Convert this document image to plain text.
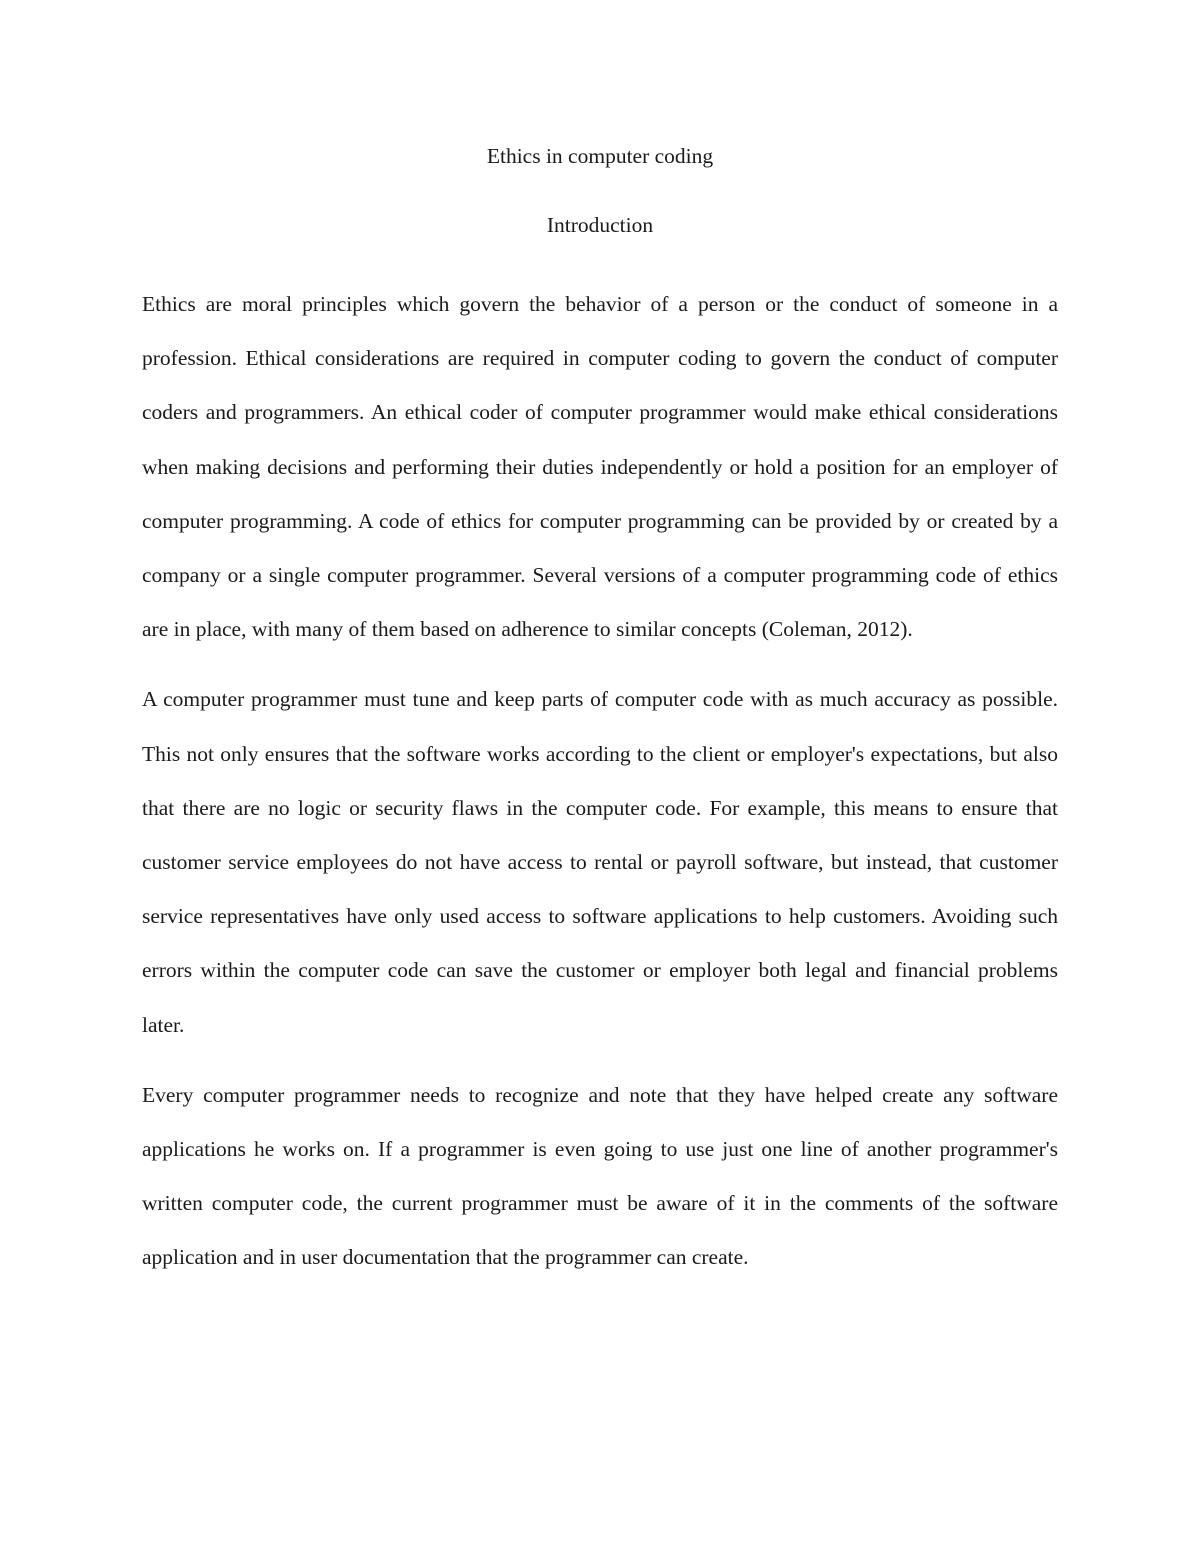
Ethics in computer coding
Introduction

Ethics are moral principles which govern the behavior of a person or the conduct of someone in a profession. Ethical considerations are required in computer coding to govern the conduct of computer coders and programmers. An ethical coder of computer programmer would make ethical considerations when making decisions and performing their duties independently or hold a position for an employer of computer programming. A code of ethics for computer programming can be provided by or created by a company or a single computer programmer. Several versions of a computer programming code of ethics are in place, with many of them based on adherence to similar concepts (Coleman, 2012).

A computer programmer must tune and keep parts of computer code with as much accuracy as possible. This not only ensures that the software works according to the client or employer's expectations, but also that there are no logic or security flaws in the computer code. For example, this means to ensure that customer service employees do not have access to rental or payroll software, but instead, that customer service representatives have only used access to software applications to help customers. Avoiding such errors within the computer code can save the customer or employer both legal and financial problems later.

Every computer programmer needs to recognize and note that they have helped create any software applications he works on. If a programmer is even going to use just one line of another programmer's written computer code, the current programmer must be aware of it in the comments of the software application and in user documentation that the programmer can create.
